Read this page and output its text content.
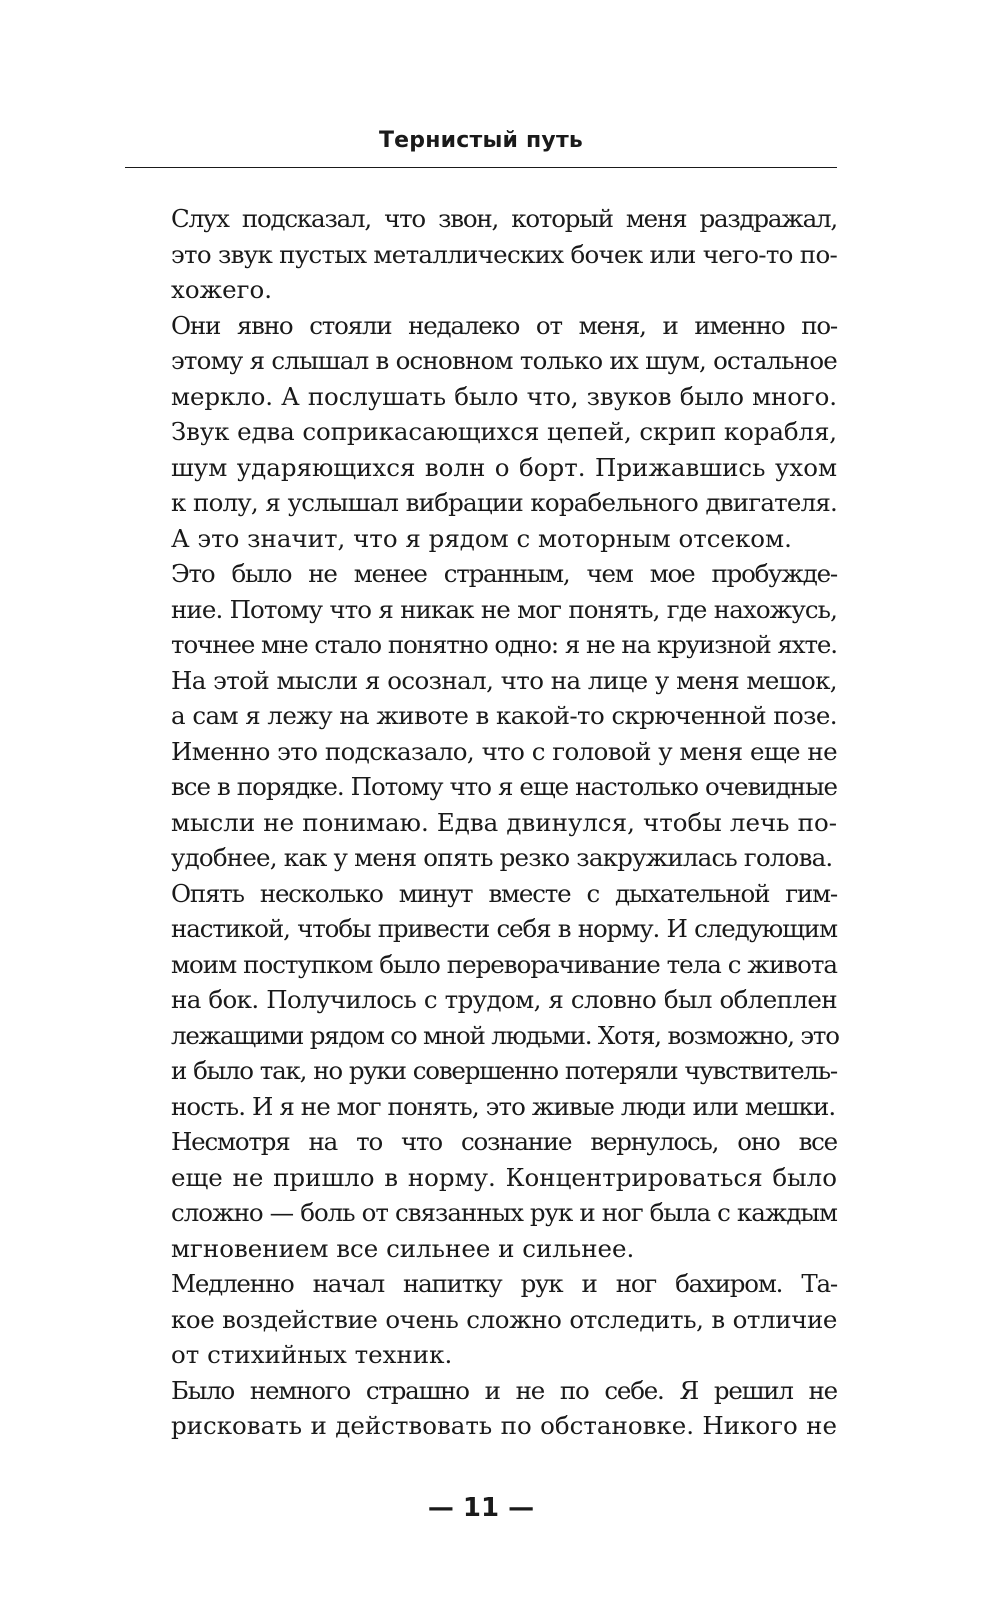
Тернистый путь

Слух подсказал, что звон, который меня раздражал,
это звук пустых металлических бочек или чего-то по-
хожего.

Они явно стояли недалеко от меня, и именно по-
этому я слышал в основном только их шум, остальное
меркло. А послушать было что, звуков было много.
Звук едва соприкасающихся цепей, скрип корабля,
шум ударяющихся волн о борт. Прижавшись ухом
к полу, я услышал вибрации корабельного двигателя.
А это значит, что я рядом с моторным отсеком.

Это было не менее странным, чем мое пробужде-
ние. Потому что я никак не мог понять, где нахожусь,
точнее мне стало понятно одно: я не на круизной яхте.
На этой мысли я осознал, что на лице у меня мешок,
а сам я лежу на животе в какой-то скрюченной позе.
Именно это подсказало, что с головой у меня еще не
все в порядке. Потому что я еще настолько очевидные
мысли не понимаю. Едва двинулся, чтобы лечь по-
удобнее, как у меня опять резко закружилась голова.

Опять несколько минут вместе с дыхательной гим-
настикой, чтобы привести себя в норму. И следующим
моим поступком было переворачивание тела с живота
на бок. Получилось с трудом, я словно был облеплен
лежащими рядом со мной людьми. Хотя, возможно, это
и было так, но руки совершенно потеряли чувствитель-
ность. И я не мог понять, это живые люди или мешки.

Несмотря на то что сознание вернулось, оно все
еще не пришло в норму. Концентрироваться было
сложно — боль от связанных рук и ног была с каждым
мгновением все сильнее и сильнее.

Медленно начал напитку рук и ног бахиром. Та-
кое воздействие очень сложно отследить, в отличие
от стихийных техник.

Было немного страшно и не по себе. Я решил не
рисковать и действовать по обстановке. Никого не

— 11 —
